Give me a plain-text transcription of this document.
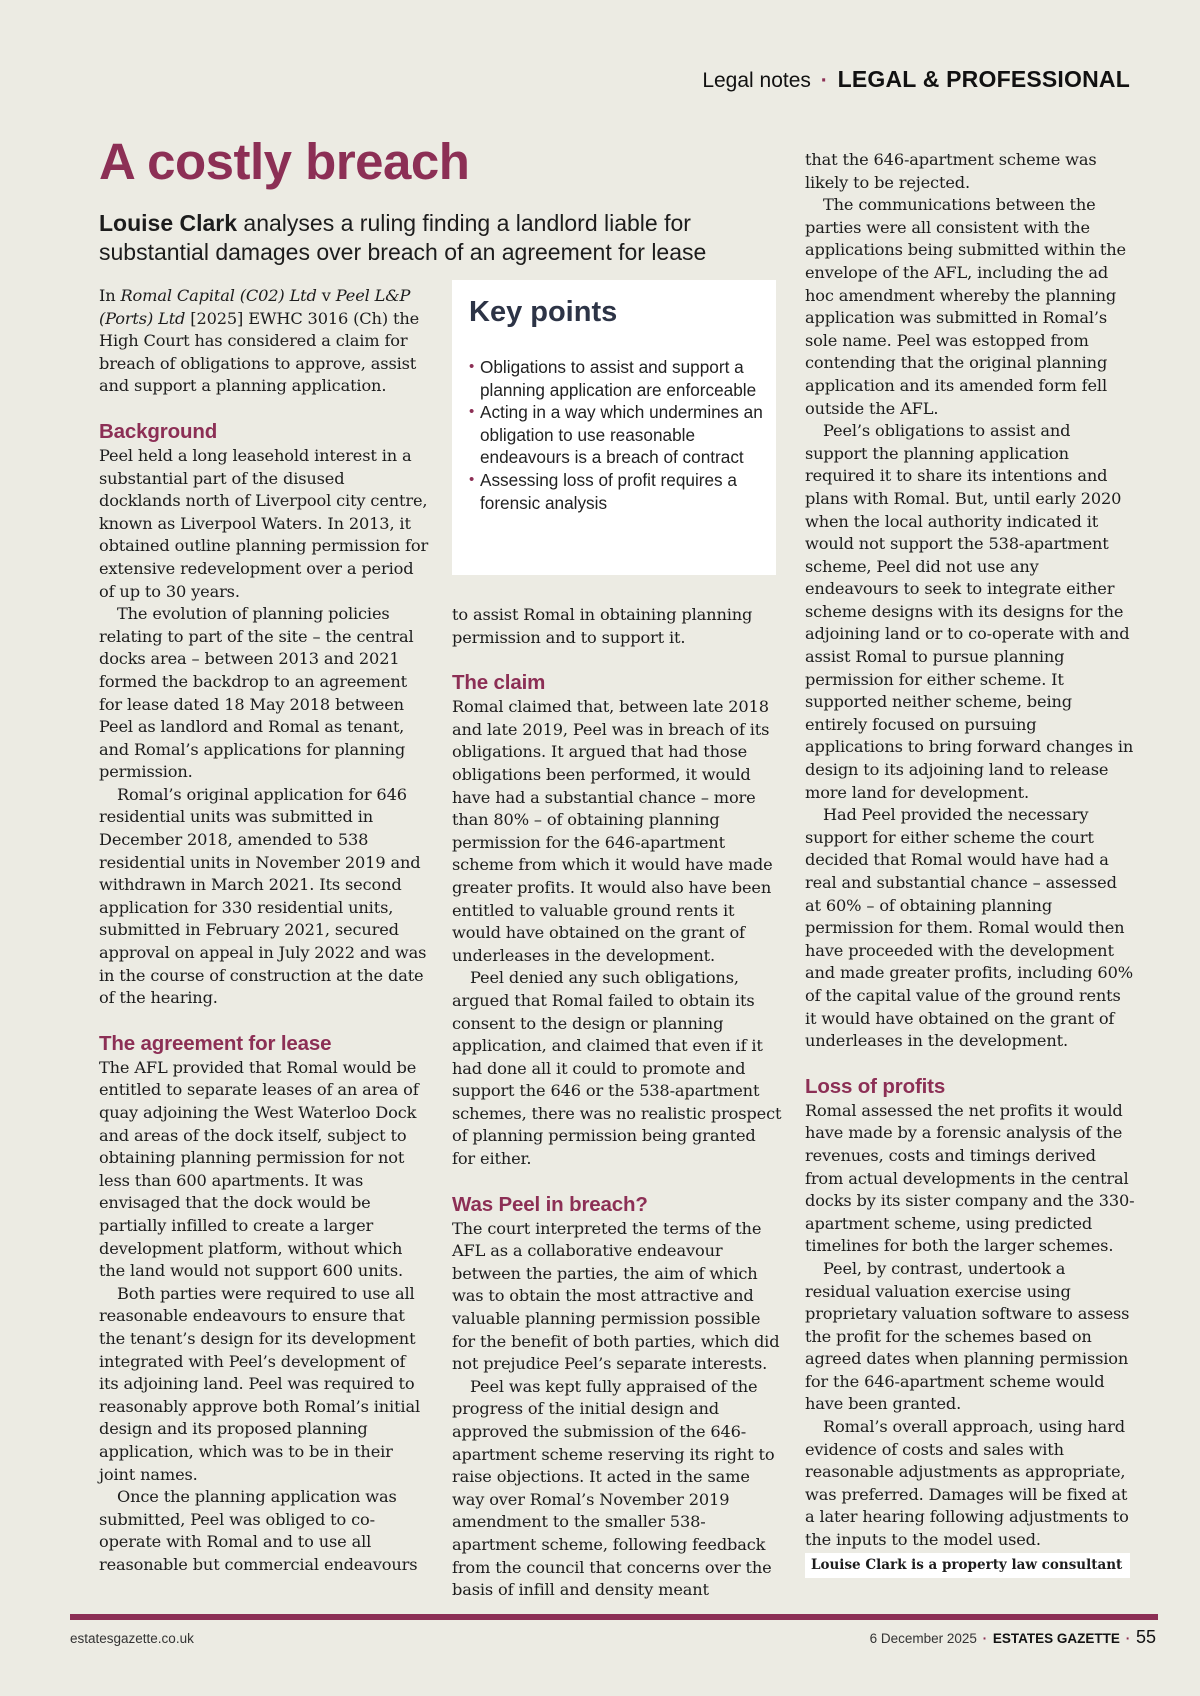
Legal notes · LEGAL & PROFESSIONAL
A costly breach

Louise Clark analyses a ruling finding a landlord liable for substantial damages over breach of an agreement for lease

In Romal Capital (C02) Ltd v Peel L&P (Ports) Ltd [2025] EWHC 3016 (Ch) the High Court has considered a claim for breach of obligations to approve, assist and support a planning application.

Background

Peel held a long leasehold interest in a substantial part of the disused docklands north of Liverpool city centre, known as Liverpool Waters. In 2013, it obtained outline planning permission for extensive redevelopment over a period of up to 30 years.

The evolution of planning policies relating to part of the site – the central docks area – between 2013 and 2021 formed the backdrop to an agreement for lease dated 18 May 2018 between Peel as landlord and Romal as tenant, and Romal’s applications for planning permission.

Romal’s original application for 646 residential units was submitted in December 2018, amended to 538 residential units in November 2019 and withdrawn in March 2021. Its second application for 330 residential units, submitted in February 2021, secured approval on appeal in July 2022 and was in the course of construction at the date of the hearing.

The agreement for lease

The AFL provided that Romal would be entitled to separate leases of an area of quay adjoining the West Waterloo Dock and areas of the dock itself, subject to obtaining planning permission for not less than 600 apartments. It was envisaged that the dock would be partially infilled to create a larger development platform, without which the land would not support 600 units.

Both parties were required to use all reasonable endeavours to ensure that the tenant’s design for its development integrated with Peel’s development of its adjoining land. Peel was required to reasonably approve both Romal’s initial design and its proposed planning application, which was to be in their joint names.

Once the planning application was submitted, Peel was obliged to co-operate with Romal and to use all reasonable but commercial endeavours

Key points
• Obligations to assist and support a planning application are enforceable
• Acting in a way which undermines an obligation to use reasonable endeavours is a breach of contract
• Assessing loss of profit requires a forensic analysis

to assist Romal in obtaining planning permission and to support it.

The claim

Romal claimed that, between late 2018 and late 2019, Peel was in breach of its obligations. It argued that had those obligations been performed, it would have had a substantial chance – more than 80% – of obtaining planning permission for the 646-apartment scheme from which it would have made greater profits. It would also have been entitled to valuable ground rents it would have obtained on the grant of underleases in the development.

Peel denied any such obligations, argued that Romal failed to obtain its consent to the design or planning application, and claimed that even if it had done all it could to promote and support the 646 or the 538-apartment schemes, there was no realistic prospect of planning permission being granted for either.

Was Peel in breach?

The court interpreted the terms of the AFL as a collaborative endeavour between the parties, the aim of which was to obtain the most attractive and valuable planning permission possible for the benefit of both parties, which did not prejudice Peel’s separate interests.

Peel was kept fully appraised of the progress of the initial design and approved the submission of the 646-apartment scheme reserving its right to raise objections. It acted in the same way over Romal’s November 2019 amendment to the smaller 538-apartment scheme, following feedback from the council that concerns over the basis of infill and density meant

that the 646-apartment scheme was likely to be rejected.

The communications between the parties were all consistent with the applications being submitted within the envelope of the AFL, including the ad hoc amendment whereby the planning application was submitted in Romal’s sole name. Peel was estopped from contending that the original planning application and its amended form fell outside the AFL.

Peel’s obligations to assist and support the planning application required it to share its intentions and plans with Romal. But, until early 2020 when the local authority indicated it would not support the 538-apartment scheme, Peel did not use any endeavours to seek to integrate either scheme designs with its designs for the adjoining land or to co-operate with and assist Romal to pursue planning permission for either scheme. It supported neither scheme, being entirely focused on pursuing applications to bring forward changes in design to its adjoining land to release more land for development.

Had Peel provided the necessary support for either scheme the court decided that Romal would have had a real and substantial chance – assessed at 60% – of obtaining planning permission for them. Romal would then have proceeded with the development and made greater profits, including 60% of the capital value of the ground rents it would have obtained on the grant of underleases in the development.

Loss of profits

Romal assessed the net profits it would have made by a forensic analysis of the revenues, costs and timings derived from actual developments in the central docks by its sister company and the 330-apartment scheme, using predicted timelines for both the larger schemes.

Peel, by contrast, undertook a residual valuation exercise using proprietary valuation software to assess the profit for the schemes based on agreed dates when planning permission for the 646-apartment scheme would have been granted.

Romal’s overall approach, using hard evidence of costs and sales with reasonable adjustments as appropriate, was preferred. Damages will be fixed at a later hearing following adjustments to the inputs to the model used.

Louise Clark is a property law consultant
estatesgazette.co.uk	6 December 2025 · ESTATES GAZETTE · 55
